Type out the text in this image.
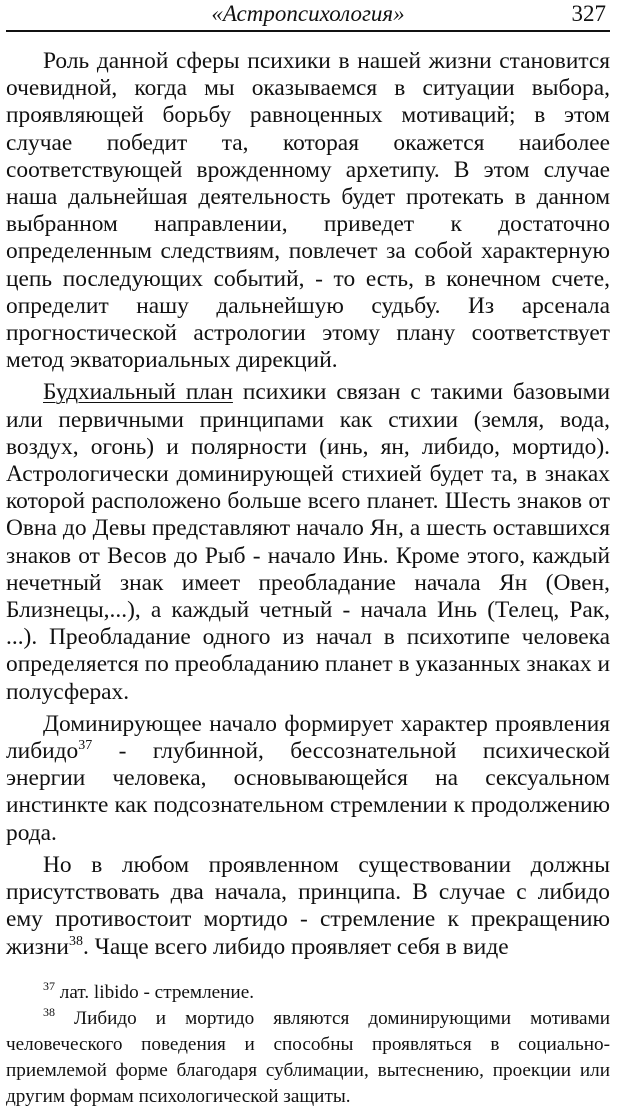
«Астропсихология»	327

Роль данной сферы психики в нашей жизни становится очевидной, когда мы оказываемся в ситуации выбора, проявляющей борьбу равноценных мотиваций; в этом случае победит та, которая окажется наиболее соответствующей врожденному архетипу. В этом случае наша дальнейшая деятельность будет протекать в данном выбранном направлении, приведет к достаточно определенным следствиям, повлечет за собой характерную цепь последующих событий, - то есть, в конечном счете, определит нашу дальнейшую судьбу. Из арсенала прогностической астрологии этому плану соответствует метод экваториальных дирекций.

Будхиальный план психики связан с такими базовыми или первичными принципами как стихии (земля, вода, воздух, огонь) и полярности (инь, ян, либидо, мортидо). Астрологически доминирующей стихией будет та, в знаках которой расположено больше всего планет. Шесть знаков от Овна до Девы представляют начало Ян, а шесть оставшихся знаков от Весов до Рыб - начало Инь. Кроме этого, каждый нечетный знак имеет преобладание начала Ян (Овен, Близнецы,...), а каждый четный - начала Инь (Телец, Рак, ...). Преобладание одного из начал в психотипе человека определяется по преобладанию планет в указанных знаках и полусферах.

Доминирующее начало формирует характер проявления либидо$^{37}$ - глубинной, бессознательной психической энергии человека, основывающейся на сексуальном инстинкте как подсознательном стремлении к продолжению рода.

Но в любом проявленном существовании должны присутствовать два начала, принципа. В случае с либидо ему противостоит мортидо - стремление к прекращению жизни$^{38}$. Чаще всего либидо проявляет себя в виде

$^{37}$ лат. libido - стремление.

$^{38}$ Либидо и мортидо являются доминирующими мотивами человеческого поведения и способны проявляться в социально-приемлемой форме благодаря сублимации, вытеснению, проекции или другим формам психологической защиты.
